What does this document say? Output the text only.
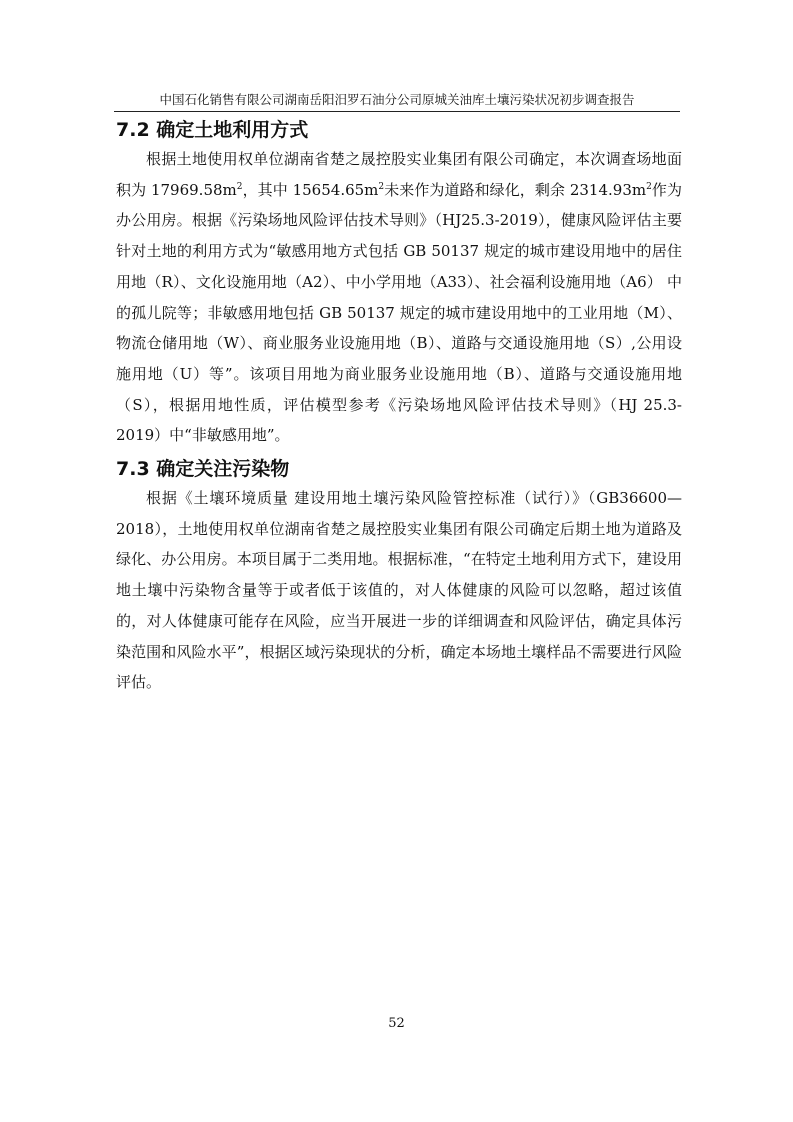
中国石化销售有限公司湖南岳阳汨罗石油分公司原城关油库土壤污染状况初步调查报告
7.2 确定土地利用方式

根据土地使用权单位湖南省楚之晟控股实业集团有限公司确定，本次调查场地面积为 $17969.58m^2$，其中 $15654.65m^2$未来作为道路和绿化，剩余 $2314.93m^2$作为办公用房。根据《污染场地风险评估技术导则》（HJ25.3-2019），健康风险评估主要针对土地的利用方式为“敏感用地方式包括 GB 50137 规定的城市建设用地中的居住用地（R）、文化设施用地（A2）、中小学用地（A33）、社会福利设施用地（A6） 中的孤儿院等；非敏感用地包括 GB 50137 规定的城市建设用地中的工业用地（M）、物流仓储用地（W）、商业服务业设施用地（B）、道路与交通设施用地（S）,公用设施用地（U）等”。该项目用地为商业服务业设施用地（B）、道路与交通设施用地（S），根据用地性质，评估模型参考《污染场地风险评估技术导则》（HJ 25.3-2019）中“非敏感用地”。

7.3 确定关注污染物

根据《土壤环境质量 建设用地土壤污染风险管控标准（试行）》（GB36600—2018），土地使用权单位湖南省楚之晟控股实业集团有限公司确定后期土地为道路及绿化、办公用房。本项目属于二类用地。根据标准，“在特定土地利用方式下，建设用地土壤中污染物含量等于或者低于该值的，对人体健康的风险可以忽略，超过该值的，对人体健康可能存在风险，应当开展进一步的详细调查和风险评估，确定具体污染范围和风险水平”，根据区域污染现状的分析，确定本场地土壤样品不需要进行风险评估。

52
